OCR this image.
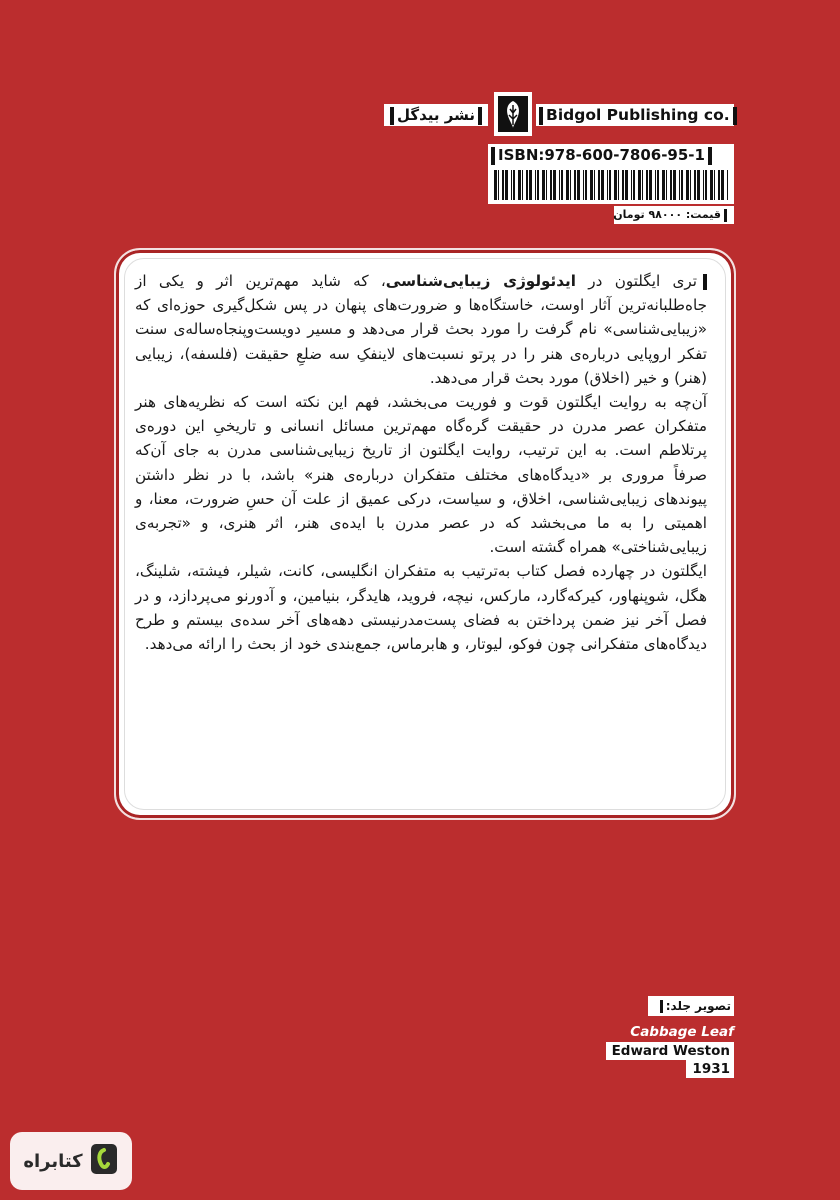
نشر بیدگل	Bidgol Publishing co.
ISBN:978-600-7806-95-1
قیمت: ۹۸۰۰۰ تومان

تری ایگلتون در ایدئولوژی زیبایی‌شناسی، که شاید مهم‌ترین اثر و یکی از جاه‌طلبانه‌ترین آثار اوست، خاستگاه‌ها و ضرورت‌های پنهان در پس شکل‌گیری حوزه‌ای که «زیبایی‌شناسی» نام گرفت را مورد بحث قرار می‌دهد و مسیر دویست‌وپنجاه‌ساله‌ی سنت تفکر اروپایی درباره‌ی هنر را در پرتو نسبت‌های لاینفکِ سه ضلعِ حقیقت (فلسفه)، زیبایی (هنر) و خیر (اخلاق) مورد بحث قرار می‌دهد.

آن‌چه به روایت ایگلتون قوت و فوریت می‌بخشد، فهم این نکته است که نظریه‌های هنر متفکران عصر مدرن در حقیقت گره‌گاه مهم‌ترین مسائل انسانی و تاریخیِ این دوره‌ی پرتلاطم است. به این ترتیب، روایت ایگلتون از تاریخ زیبایی‌شناسی مدرن به جای آن‌که صرفاً مروری بر «دیدگاه‌های مختلف متفکران درباره‌ی هنر» باشد، با در نظر داشتن پیوندهای زیبایی‌شناسی، اخلاق، و سیاست، درکی عمیق از علت آن حسِ ضرورت، معنا، و اهمیتی را به ما می‌بخشد که در عصر مدرن با ایده‌ی هنر، اثر هنری، و «تجربه‌ی زیبایی‌شناختی» همراه گشته است.

ایگلتون در چهارده فصل کتاب به‌ترتیب به متفکران انگلیسی، کانت، شیلر، فیشته، شلینگ، هگل، شوپنهاور، کیرکه‌گارد، مارکس، نیچه، فروید، هایدگر، بنیامین، و آدورنو می‌پردازد، و در فصل آخر نیز ضمن پرداختن به فضای پست‌مدرنیستی دهه‌های آخر سده‌ی بیستم و طرح دیدگاه‌های متفکرانی چون فوکو، لیوتار، و هابرماس، جمع‌بندی خود از بحث را ارائه می‌دهد.

تصویر جلد:
Cabbage Leaf
Edward Weston
1931
کتابراه
